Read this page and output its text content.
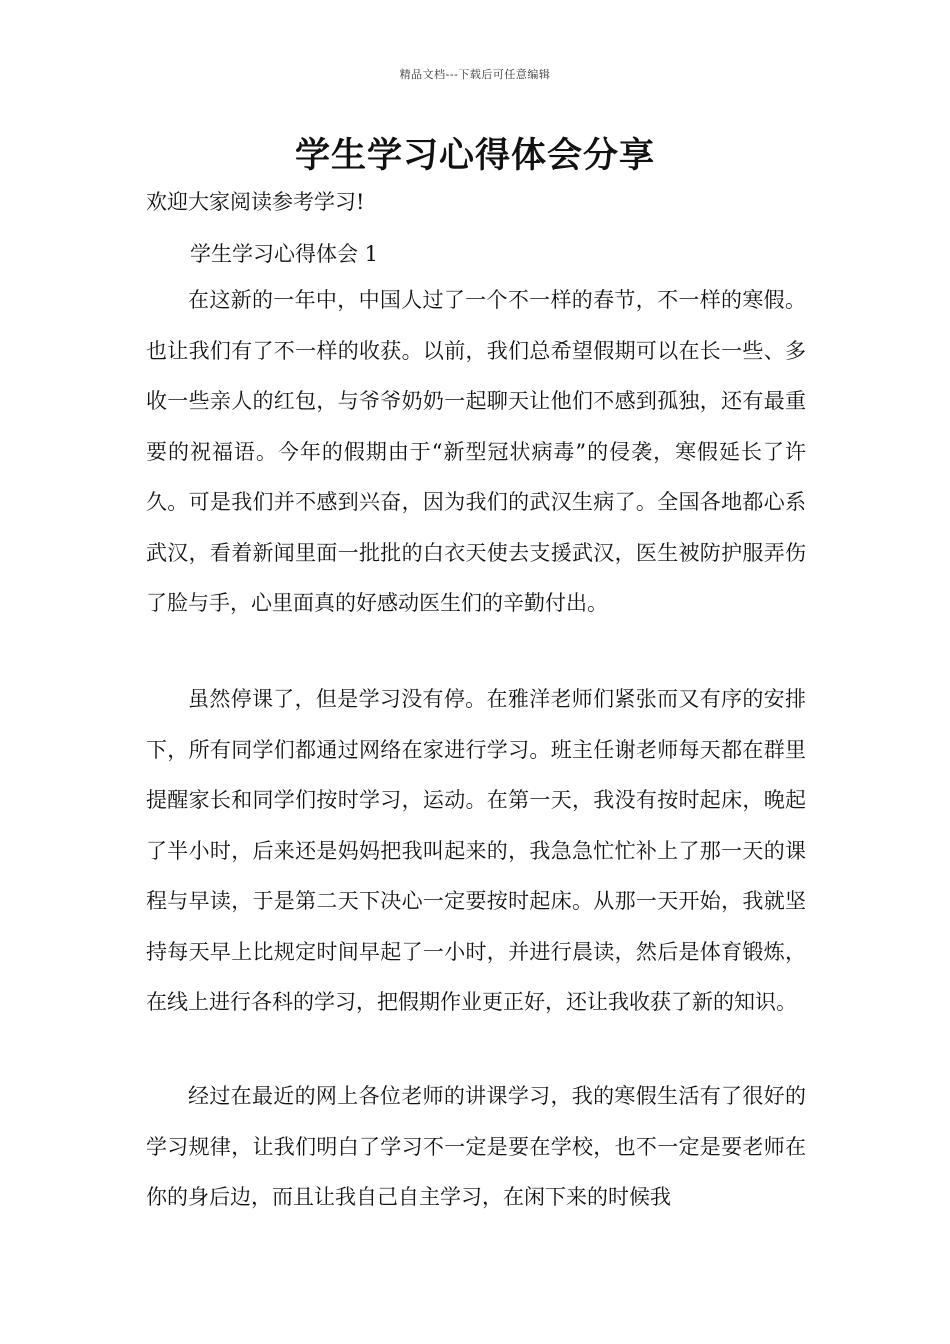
精品文档---下载后可任意编辑
学生学习心得体会分享

欢迎大家阅读参考学习!

学生学习心得体会 1

在这新的一年中，中国人过了一个不一样的春节，不一样的寒假。也让我们有了不一样的收获。以前，我们总希望假期可以在长一些、多收一些亲人的红包，与爷爷奶奶一起聊天让他们不感到孤独，还有最重要的祝福语。今年的假期由于“新型冠状病毒”的侵袭，寒假延长了许久。可是我们并不感到兴奋，因为我们的武汉生病了。全国各地都心系武汉，看着新闻里面一批批的白衣天使去支援武汉，医生被防护服弄伤了脸与手，心里面真的好感动医生们的辛勤付出。

虽然停课了，但是学习没有停。在雅洋老师们紧张而又有序的安排下，所有同学们都通过网络在家进行学习。班主任谢老师每天都在群里提醒家长和同学们按时学习，运动。在第一天，我没有按时起床，晚起了半小时，后来还是妈妈把我叫起来的，我急急忙忙补上了那一天的课程与早读，于是第二天下决心一定要按时起床。从那一天开始，我就坚持每天早上比规定时间早起了一小时，并进行晨读，然后是体育锻炼，在线上进行各科的学习，把假期作业更正好，还让我收获了新的知识。

经过在最近的网上各位老师的讲课学习，我的寒假生活有了很好的学习规律，让我们明白了学习不一定是要在学校，也不一定是要老师在你的身后边，而且让我自己自主学习，在闲下来的时候我
